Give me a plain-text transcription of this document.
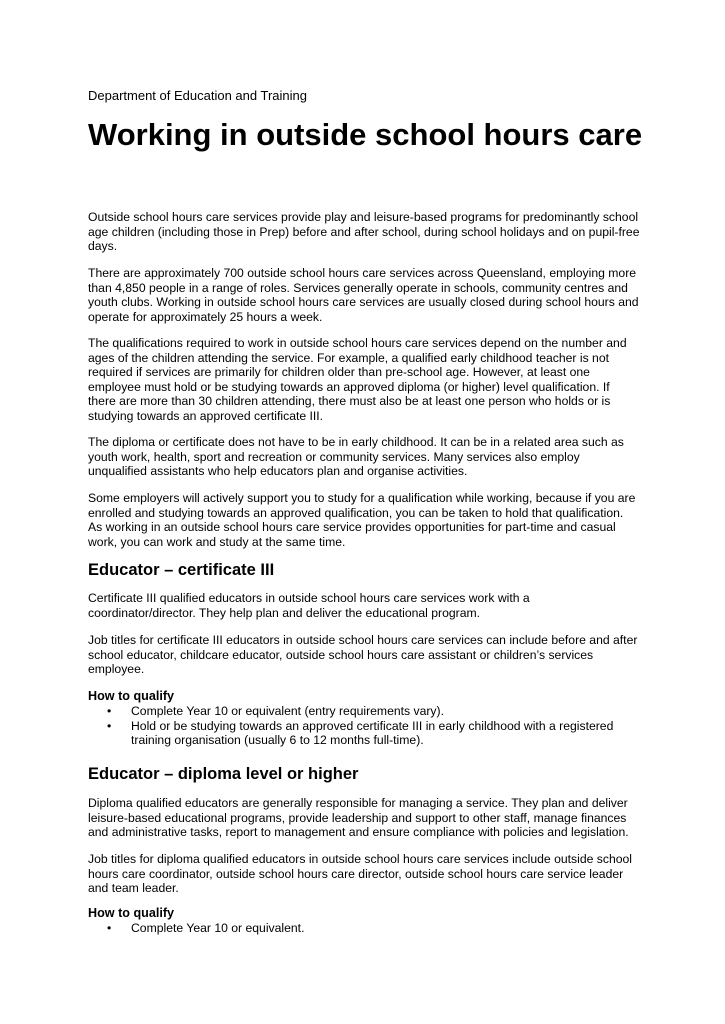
Department of Education and Training
Working in outside school hours care

Outside school hours care services provide play and leisure-based programs for predominantly school age children (including those in Prep) before and after school, during school holidays and on pupil-free days.

There are approximately 700 outside school hours care services across Queensland, employing more than 4,850 people in a range of roles. Services generally operate in schools, community centres and youth clubs. Working in outside school hours care services are usually closed during school hours and operate for approximately 25 hours a week.

The qualifications required to work in outside school hours care services depend on the number and ages of the children attending the service. For example, a qualified early childhood teacher is not required if services are primarily for children older than pre-school age. However, at least one employee must hold or be studying towards an approved diploma (or higher) level qualification. If there are more than 30 children attending, there must also be at least one person who holds or is studying towards an approved certificate III.

The diploma or certificate does not have to be in early childhood. It can be in a related area such as youth work, health, sport and recreation or community services. Many services also employ unqualified assistants who help educators plan and organise activities.

Some employers will actively support you to study for a qualification while working, because if you are enrolled and studying towards an approved qualification, you can be taken to hold that qualification. As working in an outside school hours care service provides opportunities for part-time and casual work, you can work and study at the same time.

Educator – certificate III

Certificate III qualified educators in outside school hours care services work with a coordinator/director. They help plan and deliver the educational program.

Job titles for certificate III educators in outside school hours care services can include before and after school educator, childcare educator, outside school hours care assistant or children’s services employee.

How to qualify
• Complete Year 10 or equivalent (entry requirements vary).
• Hold or be studying towards an approved certificate III in early childhood with a registered training organisation (usually 6 to 12 months full-time).
Educator – diploma level or higher

Diploma qualified educators are generally responsible for managing a service. They plan and deliver leisure-based educational programs, provide leadership and support to other staff, manage finances and administrative tasks, report to management and ensure compliance with policies and legislation.

Job titles for diploma qualified educators in outside school hours care services include outside school hours care coordinator, outside school hours care director, outside school hours care service leader and team leader.

How to qualify
• Complete Year 10 or equivalent.
